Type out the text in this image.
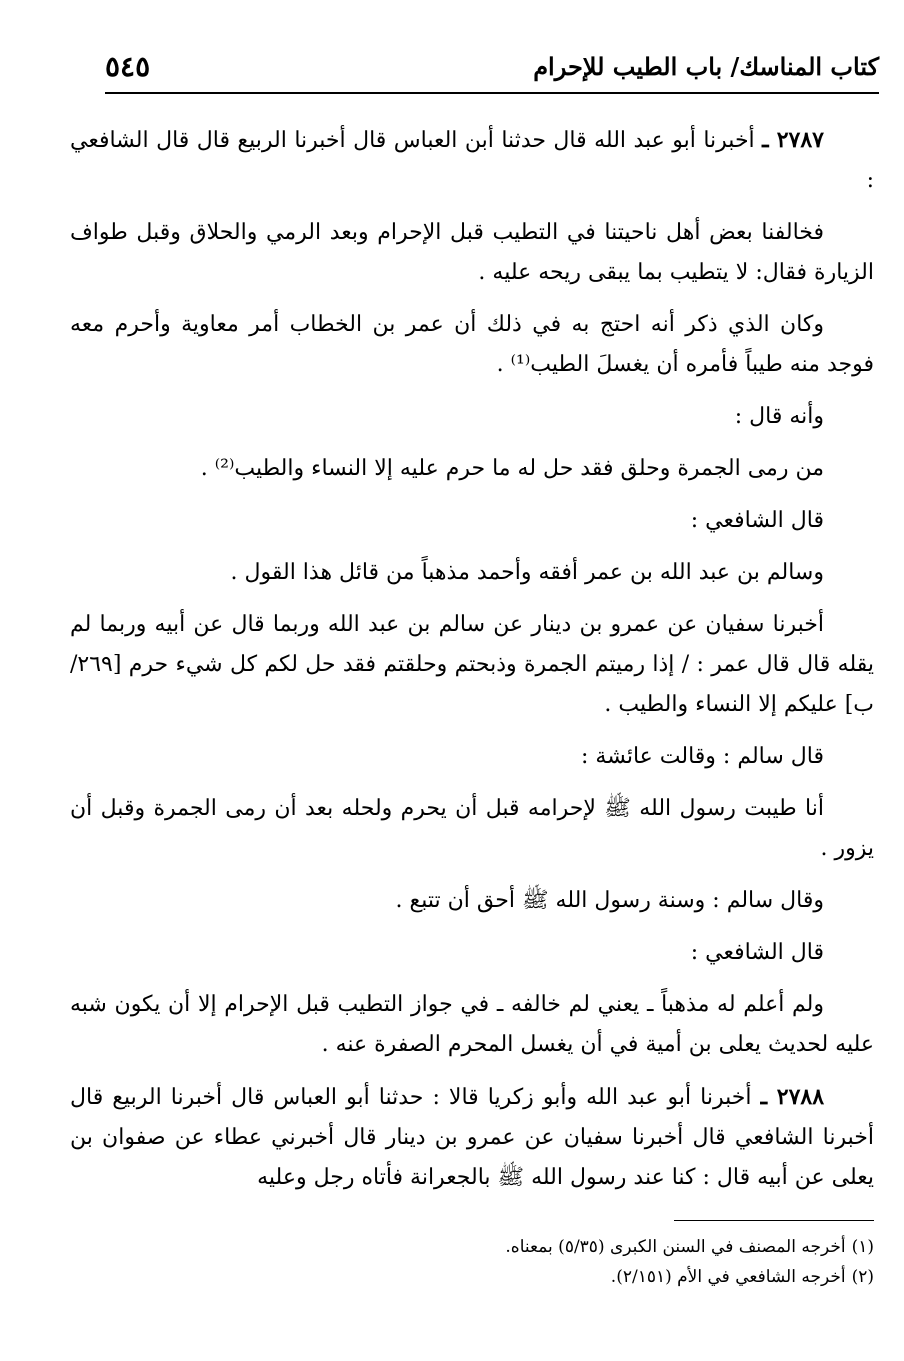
كتاب المناسك/ باب الطيب للإحرام
٥٤٥

٢٧٨٧ ـ أخبرنا أبو عبد الله قال حدثنا أبن العباس قال أخبرنا الربيع قال قال الشافعي :

فخالفنا بعض أهل ناحيتنا في التطيب قبل الإحرام وبعد الرمي والحلاق وقبل طواف الزيارة فقال: لا يتطيب بما يبقى ريحه عليه .

وكان الذي ذكر أنه احتج به في ذلك أن عمر بن الخطاب أمر معاوية وأحرم معه فوجد منه طيباً فأمره أن يغسلَ الطيب⁽¹⁾ .

وأنه قال :

من رمى الجمرة وحلق فقد حل له ما حرم عليه إلا النساء والطيب⁽²⁾ .

قال الشافعي :

وسالم بن عبد الله بن عمر أفقه وأحمد مذهباً من قائل هذا القول .

أخبرنا سفيان عن عمرو بن دينار عن سالم بن عبد الله وربما قال عن أبيه وربما لم يقله قال قال عمر : / إذا رميتم الجمرة وذبحتم وحلقتم فقد حل لكم كل شيء حرم [٢٦٩/ ب] عليكم إلا النساء والطيب .

قال سالم : وقالت عائشة :

أنا طيبت رسول الله ﷺ لإحرامه قبل أن يحرم ولحله بعد أن رمى الجمرة وقبل أن يزور .

وقال سالم : وسنة رسول الله ﷺ أحق أن تتبع .

قال الشافعي :

ولم أعلم له مذهباً ـ يعني لم خالفه ـ في جواز التطيب قبل الإحرام إلا أن يكون شبه عليه لحديث يعلى بن أمية في أن يغسل المحرم الصفرة عنه .

٢٧٨٨ ـ أخبرنا أبو عبد الله وأبو زكريا قالا : حدثنا أبو العباس قال أخبرنا الربيع قال أخبرنا الشافعي قال أخبرنا سفيان عن عمرو بن دينار قال أخبرني عطاء عن صفوان بن يعلى عن أبيه قال : كنا عند رسول الله ﷺ بالجعرانة فأتاه رجل وعليه

(١)أخرجه المصنف في السنن الكبرى (٥/٣٥) بمعناه.

(٢)أخرجه الشافعي في الأم (٢/١٥١).
